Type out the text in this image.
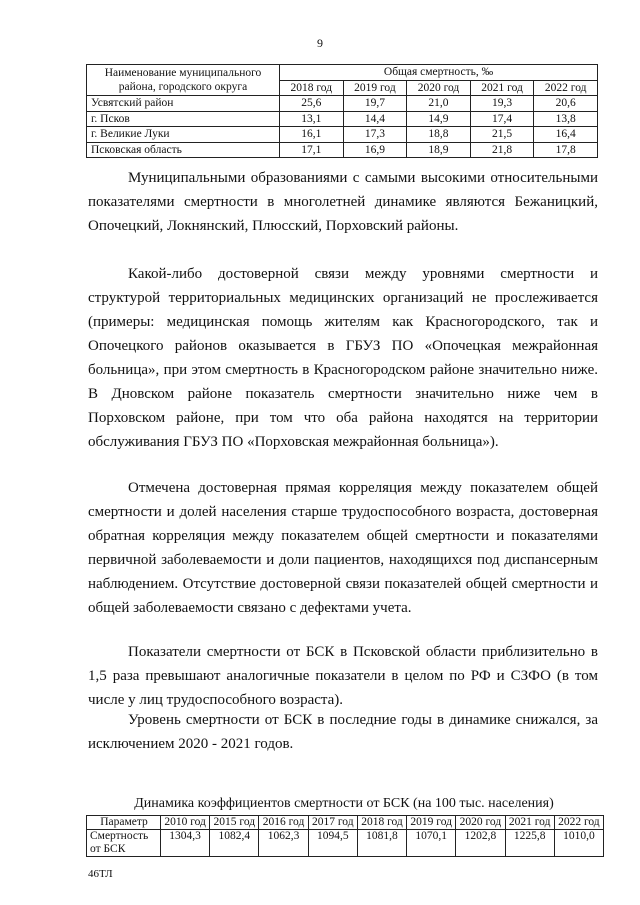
9
Наименование муниципального района, городского округа	Общая смертность, ‰				
	2018 год	2019 год	2020 год	2021 год	2022 год
Усвятский район	25,6	19,7	21,0	19,3	20,6
г. Псков	13,1	14,4	14,9	17,4	13,8
г. Великие Луки	16,1	17,3	18,8	21,5	16,4
Псковская область	17,1	16,9	18,9	21,8	17,8

Муниципальными образованиями с самыми высокими относительными показателями смертности в многолетней динамике являются Бежаницкий, Опочецкий, Локнянский, Плюсский, Порховский районы.

Какой-либо достоверной связи между уровнями смертности и структурой территориальных медицинских организаций не прослеживается (примеры: медицинская помощь жителям как Красногородского, так и Опочецкого районов оказывается в ГБУЗ ПО «Опочецкая межрайонная больница», при этом смертность в Красногородском районе значительно ниже. В Дновском районе показатель смертности значительно ниже чем в Порховском районе, при том что оба района находятся на территории обслуживания ГБУЗ ПО «Порховская межрайонная больница»).

Отмечена достоверная прямая корреляция между показателем общей смертности и долей населения старше трудоспособного возраста, достоверная обратная корреляция между показателем общей смертности и показателями первичной заболеваемости и доли пациентов, находящихся под диспансерным наблюдением. Отсутствие достоверной связи показателей общей смертности и общей заболеваемости связано с дефектами учета.

Показатели смертности от БСК в Псковской области приблизительно в 1,5 раза превышают аналогичные показатели в целом по РФ и СЗФО (в том числе у лиц трудоспособного возраста).

Уровень смертности от БСК в последние годы в динамике снижался, за исключением 2020 - 2021 годов.

Динамика коэффициентов смертности от БСК (на 100 тыс. населения)
Параметр	2010 год	2015 год	2016 год	2017 год	2018 год	2019 год	2020 год	2021 год	2022 год
Смертность от БСК	1304,3	1082,4	1062,3	1094,5	1081,8	1070,1	1202,8	1225,8	1010,0
46ТЛ
